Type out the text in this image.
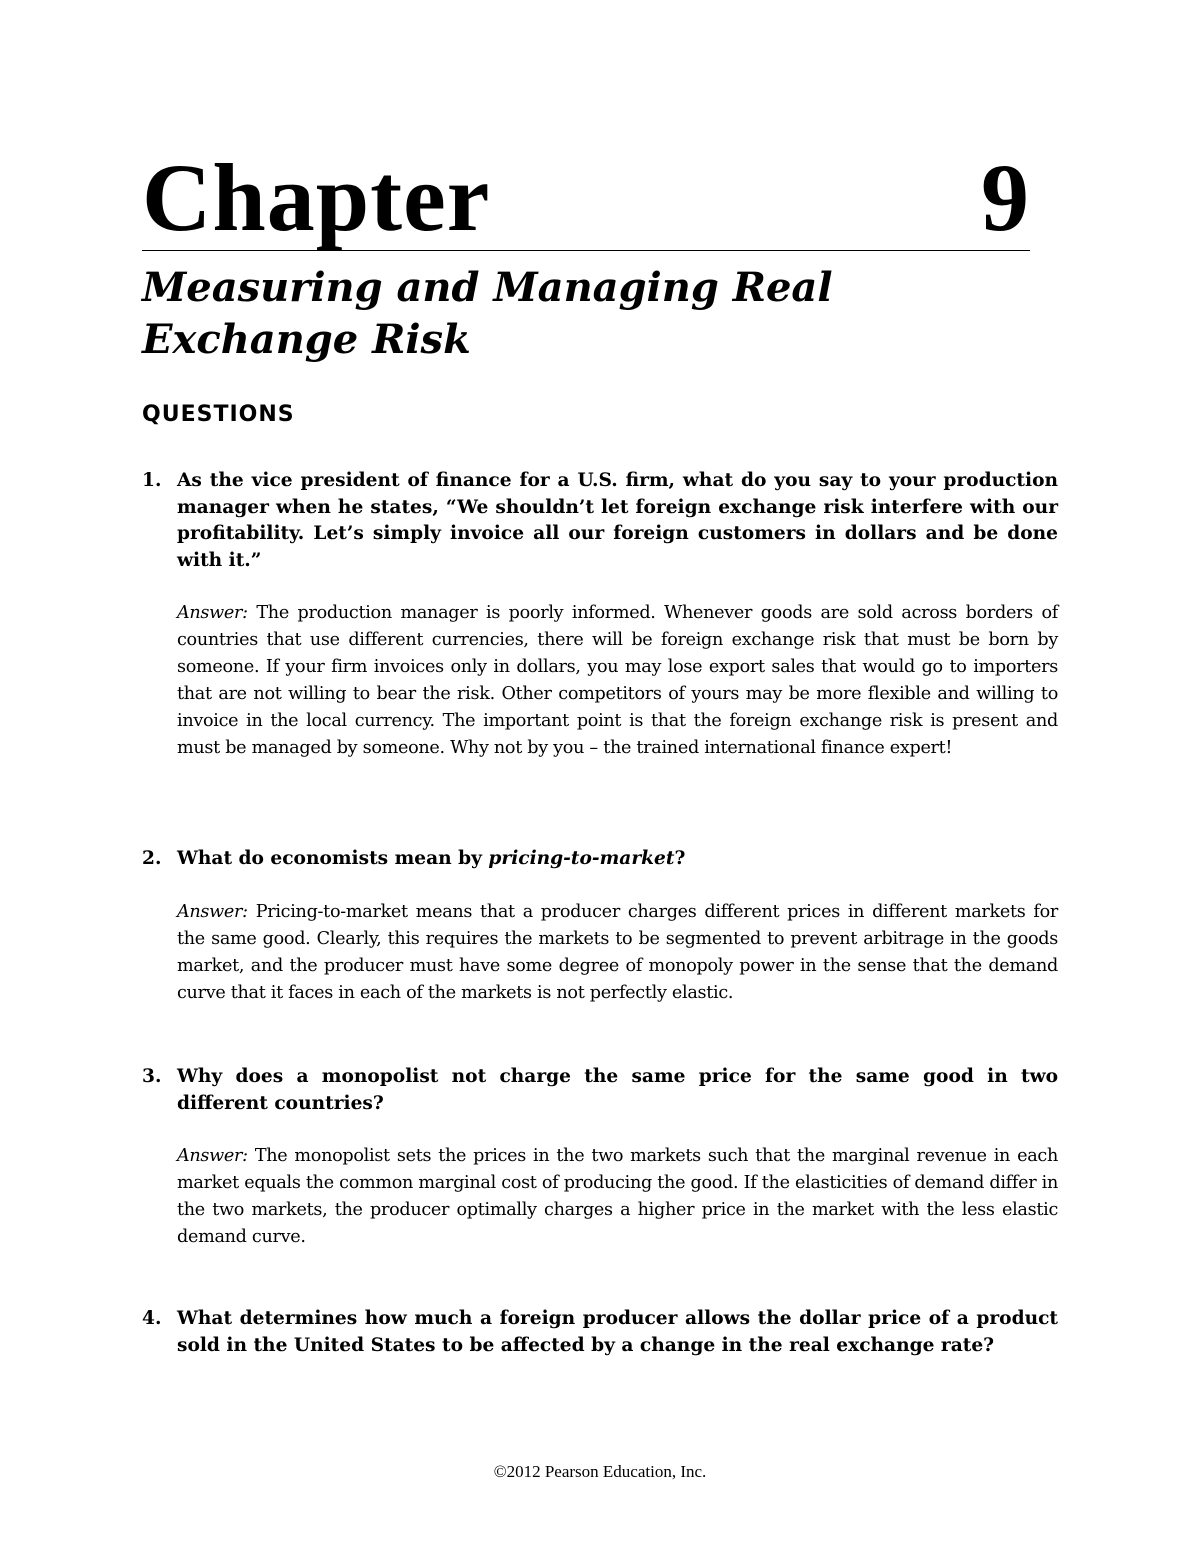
Chapter	9
Measuring and Managing Real Exchange Risk
QUESTIONS
1. As the vice president of finance for a U.S. firm, what do you say to your production manager when he states, “We shouldn’t let foreign exchange risk interfere with our profitability. Let’s simply invoice all our foreign customers in dollars and be done with it.”
Answer: The production manager is poorly informed. Whenever goods are sold across borders of countries that use different currencies, there will be foreign exchange risk that must be born by someone. If your firm invoices only in dollars, you may lose export sales that would go to importers that are not willing to bear the risk. Other competitors of yours may be more flexible and willing to invoice in the local currency. The important point is that the foreign exchange risk is present and must be managed by someone. Why not by you – the trained international finance expert!
2. What do economists mean by pricing-to-market?
Answer: Pricing-to-market means that a producer charges different prices in different markets for the same good. Clearly, this requires the markets to be segmented to prevent arbitrage in the goods market, and the producer must have some degree of monopoly power in the sense that the demand curve that it faces in each of the markets is not perfectly elastic.
3. Why does a monopolist not charge the same price for the same good in two different countries?
Answer: The monopolist sets the prices in the two markets such that the marginal revenue in each market equals the common marginal cost of producing the good. If the elasticities of demand differ in the two markets, the producer optimally charges a higher price in the market with the less elastic demand curve.
4. What determines how much a foreign producer allows the dollar price of a product sold in the United States to be affected by a change in the real exchange rate?
©2012 Pearson Education, Inc.
